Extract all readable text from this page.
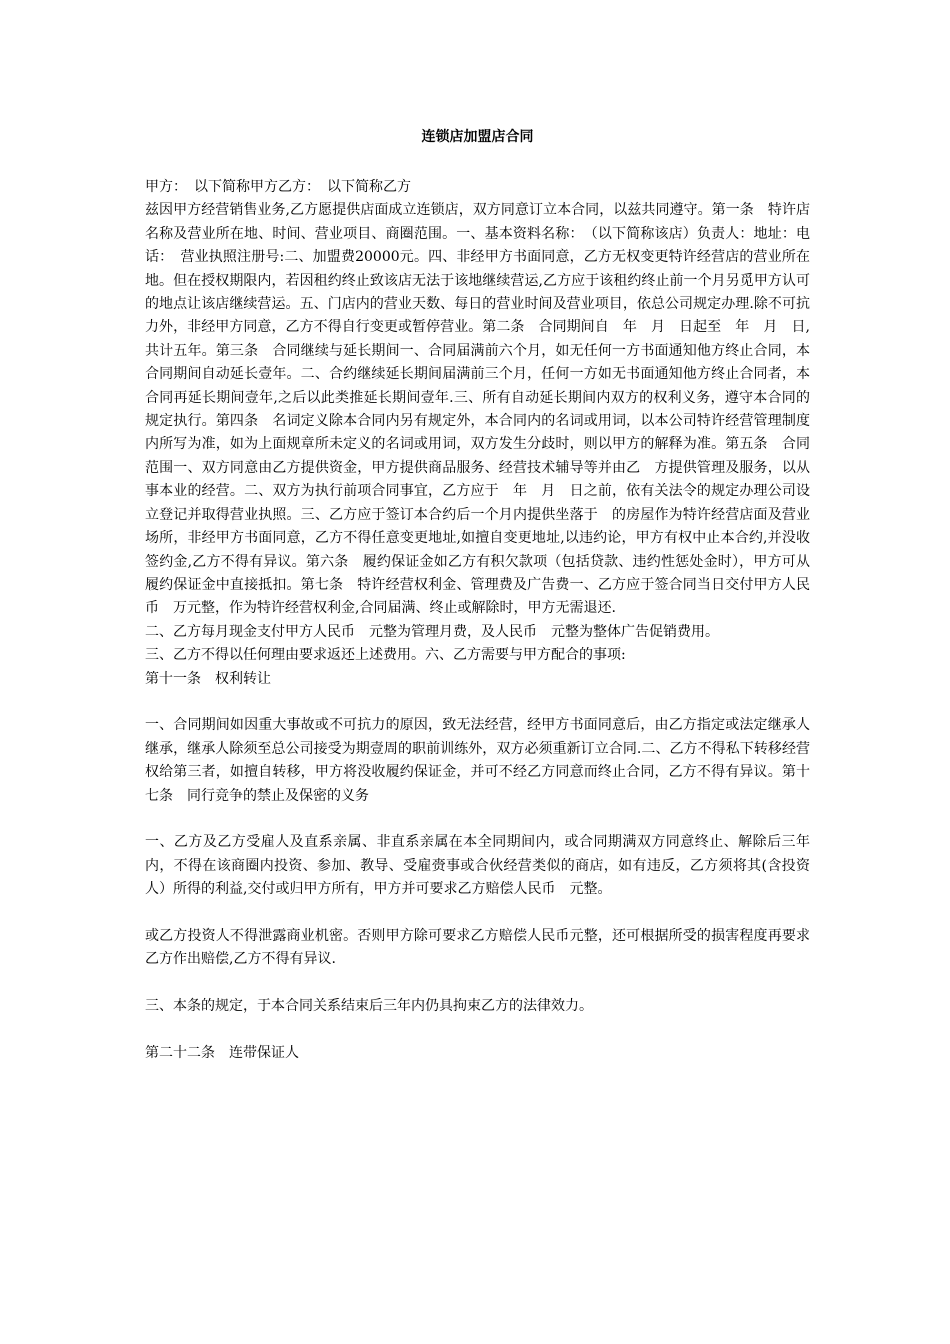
连锁店加盟店合同

甲方：　以下简称甲方乙方：　以下简称乙方

兹因甲方经营销售业务,乙方愿提供店面成立连锁店，双方同意订立本合同，以兹共同遵守。第一条　特许店名称及营业所在地、时间、营业项目、商圈范围。一、基本资料名称：　（以下简称该店）负责人：地址：电话：　营业执照注册号:二、加盟费20000元。四、非经甲方书面同意，乙方无权变更特许经营店的营业所在地。但在授权期限内，若因租约终止致该店无法于该地继续营运,乙方应于该租约终止前一个月另觅甲方认可的地点让该店继续营运。五、门店内的营业天数、每日的营业时间及营业项目，依总公司规定办理.除不可抗力外，非经甲方同意，乙方不得自行变更或暂停营业。第二条　合同期间自　年　月　日起至　年　月　日,共计五年。第三条　合同继续与延长期间一、合同届满前六个月，如无任何一方书面通知他方终止合同，本合同期间自动延长壹年。二、合约继续延长期间届满前三个月，任何一方如无书面通知他方终止合同者，本合同再延长期间壹年,之后以此类推延长期间壹年.三、所有自动延长期间内双方的权利义务，遵守本合同的规定执行。第四条　名词定义除本合同内另有规定外，本合同内的名词或用词，以本公司特许经营管理制度内所写为准，如为上面规章所未定义的名词或用词，双方发生分歧时，则以甲方的解释为准。第五条　合同范围一、双方同意由乙方提供资金，甲方提供商品服务、经营技术辅导等并由乙　方提供管理及服务，以从事本业的经营。二、双方为执行前项合同事宜，乙方应于　年　月　日之前，依有关法令的规定办理公司设立登记并取得营业执照。三、乙方应于签订本合约后一个月内提供坐落于　的房屋作为特许经营店面及营业场所，非经甲方书面同意，乙方不得任意变更地址,如擅自变更地址,以违约论，甲方有权中止本合约,并没收签约金,乙方不得有异议。第六条　履约保证金如乙方有积欠款项（包括贷款、违约性惩处金时），甲方可从履约保证金中直接抵扣。第七条　特许经营权利金、管理费及广告费一、乙方应于签合同当日交付甲方人民币　万元整，作为特许经营权利金,合同届满、终止或解除时，甲方无需退还.

二、乙方每月现金支付甲方人民币　元整为管理月费，及人民币　元整为整体广告促销费用。

三、乙方不得以任何理由要求返还上述费用。六、乙方需要与甲方配合的事项:

第十一条　权利转让

一、合同期间如因重大事故或不可抗力的原因，致无法经营，经甲方书面同意后，由乙方指定或法定继承人继承，继承人除须至总公司接受为期壹周的职前训练外，双方必须重新订立合同.二、乙方不得私下转移经营权给第三者，如擅自转移，甲方将没收履约保证金，并可不经乙方同意而终止合同，乙方不得有异议。第十七条　同行竞争的禁止及保密的义务

一、乙方及乙方受雇人及直系亲属、非直系亲属在本全同期间内，或合同期满双方同意终止、解除后三年内，不得在该商圈内投资、参加、教导、受雇赍事或合伙经营类似的商店，如有违反，乙方须将其(含投资人）所得的利益,交付或归甲方所有，甲方并可要求乙方赔偿人民币　元整。

或乙方投资人不得泄露商业机密。否则甲方除可要求乙方赔偿人民币元整，还可根据所受的损害程度再要求乙方作出赔偿,乙方不得有异议.

三、本条的规定，于本合同关系结束后三年内仍具拘束乙方的法律效力。

第二十二条　连带保证人
